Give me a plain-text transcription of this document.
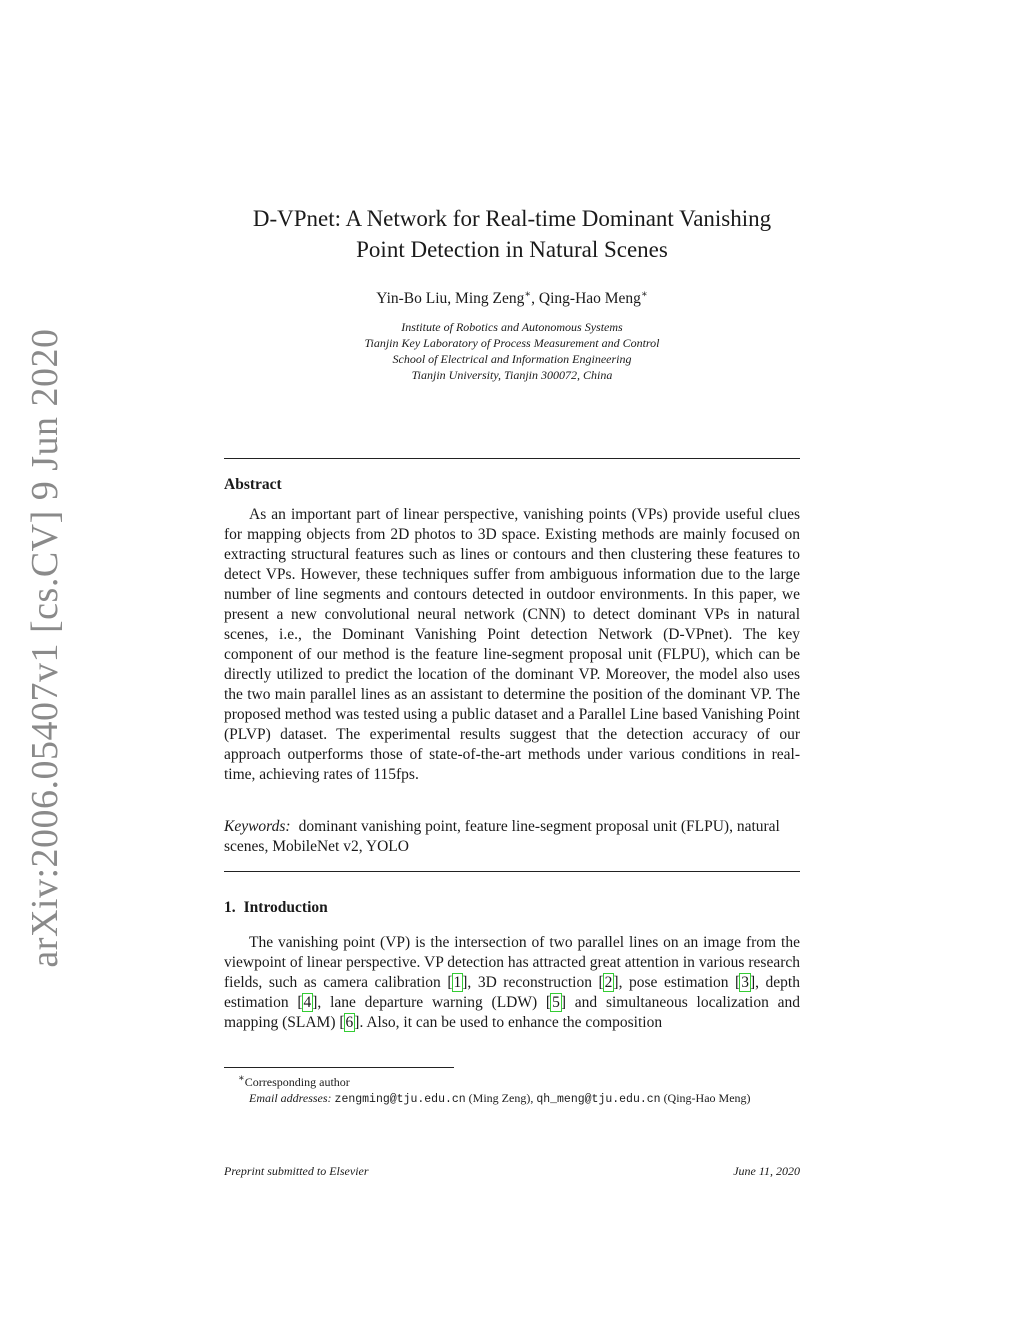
arXiv:2006.05407v1 [cs.CV] 9 Jun 2020
D-VPnet: A Network for Real-time Dominant Vanishing
Point Detection in Natural Scenes
Yin-Bo Liu, Ming Zeng∗, Qing-Hao Meng∗
Institute of Robotics and Autonomous Systems
Tianjin Key Laboratory of Process Measurement and Control
School of Electrical and Information Engineering
Tianjin University, Tianjin 300072, China
Abstract

As an important part of linear perspective, vanishing points (VPs) provide useful clues for mapping objects from 2D photos to 3D space. Existing methods are mainly focused on extracting structural features such as lines or contours and then clustering these features to detect VPs. However, these techniques suffer from ambiguous information due to the large number of line segments and contours detected in outdoor environments. In this paper, we present a new convolutional neural network (CNN) to detect dominant VPs in natural scenes, i.e., the Dominant Vanishing Point detection Network (D-VPnet). The key component of our method is the feature line-segment proposal unit (FLPU), which can be directly utilized to predict the location of the dominant VP. Moreover, the model also uses the two main parallel lines as an assistant to determine the position of the dominant VP. The proposed method was tested using a public dataset and a Parallel Line based Vanishing Point (PLVP) dataset. The experimental results suggest that the detection accuracy of our approach outperforms those of state-of-the-art methods under various conditions in real-time, achieving rates of 115fps.

Keywords: dominant vanishing point, feature line-segment proposal unit (FLPU), natural scenes, MobileNet v2, YOLO

1. Introduction

The vanishing point (VP) is the intersection of two parallel lines on an image from the viewpoint of linear perspective. VP detection has attracted great attention in various research fields, such as camera calibration [1], 3D reconstruction [2], pose estimation [3], depth estimation [4], lane departure warning (LDW) [5] and simultaneous localization and mapping (SLAM) [6]. Also, it can be used to enhance the composition

∗Corresponding author
Email addresses: zengming@tju.edu.cn (Ming Zeng), qh_meng@tju.edu.cn (Qing-Hao Meng)

Preprint submitted to Elsevier	June 11, 2020
